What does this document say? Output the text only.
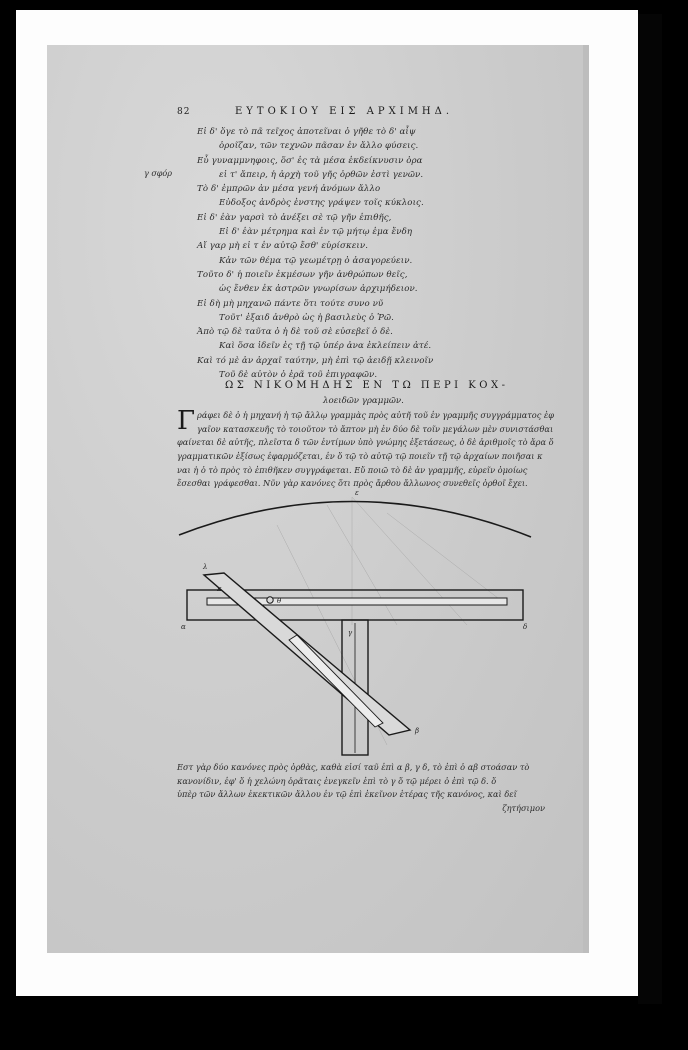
82	ΕΥΤΟΚΙΟΥ ΕΙΣ ΑΡΧΙΜΗΔ.
γ σφόρ
Εἰ δ' ὅγε τὸ πᾶ τεῖχος ἀποτεῖναι ὁ γῆθε τὸ δ' αἶψ
ὁροῖζαν, τῶν τεχνῶν πᾶσαν ἐν ἄλλο φύσεις.
Εὖ γυναμμνηφοις, ὅσ' ἐς τὰ μέσα ἐκδείκνυσιν ὁρα
εἰ τ' ἄπειρ, ἡ ἀρχὴ τοῦ γῆς ὀρθῶν ἐστὶ γενῶν.
Τὸ δ' ἐμπρῶν ἀν μέσα γενή ἀνόμων ἄλλο
Εὐδοξος ἀνδρὸς ἐνστης γράψεν τοῖς κύκλοις.
Εἰ δ' ἐὰν γαρσὶ τὸ ἀνέξει σὲ τῷ γῆν ἐπιθῆς,
Εἰ δ' ἐὰν μέτρημα καὶ ἐν τῷ μήτῳ ἐμα ἔνδη
Αἴ γαρ μὴ εἰ τ ἐν αὐτῷ ἔσθ' εὑρίσκειν.
Κἀν τῶν θέμα τῷ γεωμέτρῃ ὁ ἀσαγορεύειν.
Τοῦτο δ' ἡ ποιεῖν ἐκμέσων γῆν ἀνθρώπων θεῖς,
ὡς ἔνθεν ἐκ ἀστρῶν γνωρίσων ἀρχιμήδειον.
Εἰ δὴ μὴ μηχανῶ πάντε ὅτι τούτε συνο νῦ
Τοῦτ' ἐξαιδ ἀνθρὸ ὡς ἡ βασιλεὺς ὁ Ῥῶ.
Ἀπὸ τῷ δὲ ταῦτα ὁ ἡ δὲ τοῦ σὲ εὐσεβεῖ ὁ δὲ.
Καὶ ὅσα ἰδεῖν ἐς τῇ τῷ ὑπέρ ἀνα ἐκλείπειν ἀτέ.
Καὶ τό μὲ ἀν ἀρχαῖ ταύτην, μὴ ἐπὶ τῷ ἀειδῇ κλεινοῖν
Τοῦ δὲ αὐτὸν ὁ ἐρᾶ τοῦ ἐπιγραφῶν.
ΩΣ ΝΙΚΟΜΗΔΗΣ ΕΝ ΤΩ ΠΕΡΙ ΚΟΧ-
λοειδῶν γραμμῶν.
Γ ράφει δὲ ὁ ἡ μηχανή ἡ τῷ ἄλλῳ γραμμὰς πρὸς αὐτῆ τοῦ ἐν γραμμῆς συγγράμματος ἐφ
γαῖον κατασκευῆς τὸ τοιοῦτον τὸ ἄπτον μὴ ἐν δύο δὲ τοῖν μεγάλων μὲν συνιστάσθαι
φαίνεται δὲ αὐτῆς, πλεῖστα δ τῶν ἐντίμων ὑπὸ γνώμης ἐξετάσεως, ὁ δὲ ἀριθμοῖς τὸ ἄρα ὅ
γραμματικῶν ἐξίσως ἐφαρμόζεται, ἐν ὅ τῷ τὸ αὐτῷ τῷ ποιεῖν τῇ τῷ ἀρχαίων ποιῆσαι κ
ναι ἡ ὁ τὸ πρὸς τὸ ἐπιθῆκεν συγγράφεται. Εὔ ποιῶ τὸ δὲ ἀν γραμμῆς, εὑρεῖν ὁμοίως
ἔσεσθαι γράφεσθαι. Νῦν γὰρ κανόνες ὅτι πρὸς ἄρθου ἄλλωνος συνεθεῖς ὀρθοῖ ἔχει.
ε
λ
κ
θ
α	δ
γ
β
Εστ γὰρ δύο κανόνες πρὸς ὀρθὰς, καθὰ εἰσί ταῦ ἐπὶ α β, γ δ, τὸ ἐπὶ ὁ αβ στοάσαν τὸ
κανονίδιν, ἐφ' ὅ ἡ χελώνη ὁρᾶταις ἐνεγκεῖν ἐπὶ τὸ γ ὅ τῷ μέρει ὁ ἐπὶ τῷ δ. ὅ
ὑπὲρ τῶν ἄλλων ἐκεκτικῶν ἄλλου ἐν τῷ ἐπὶ ἐκεῖνον ἑτέρας τῆς κανόνος, καὶ δεῖ
ζητήσιμον
